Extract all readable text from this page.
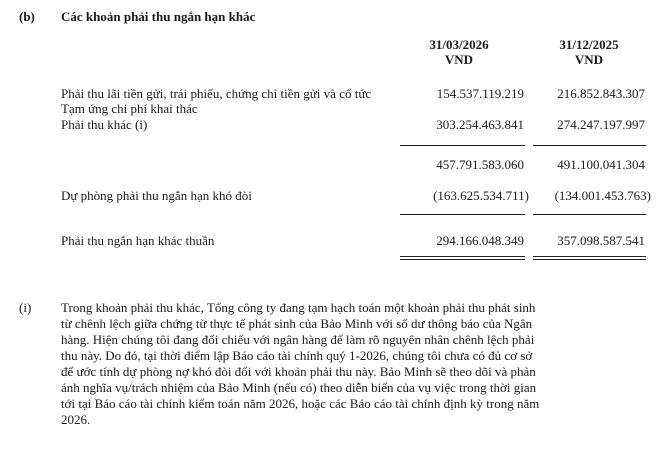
(b) Các khoản phải thu ngắn hạn khác
31/03/2026
VND
31/12/2025
VND
Phải thu lãi tiền gửi, trái phiếu, chứng chỉ tiền gửi và cổ tức	154.537.119.219	216.852.843.307
Tạm ứng chi phí khai thác
Phải thu khác (i)	303.254.463.841	274.247.197.997
457.791.583.060	491.100.041.304
Dự phòng phải thu ngắn hạn khó đòi	(163.625.534.711)	(134.001.453.763)
Phải thu ngắn hạn khác thuần	294.166.048.349	357.098.587.541
(i) Trong khoản phải thu khác, Tổng công ty đang tạm hạch toán một khoản phải thu phát sinh
từ chênh lệch giữa chứng từ thực tế phát sinh của Bảo Minh với số dư thông báo của Ngân
hàng. Hiện chúng tôi đang đối chiếu với ngân hàng để làm rõ nguyên nhân chênh lệch phải
thu này. Do đó, tại thời điểm lập Báo cáo tài chính quý 1-2026, chúng tôi chưa có đủ cơ sở
để ước tính dự phòng nợ khó đòi đối với khoản phải thu này. Bảo Minh sẽ theo dõi và phản
ánh nghĩa vụ/trách nhiệm của Bảo Minh (nếu có) theo diễn biến của vụ việc trong thời gian
tới tại Báo cáo tài chính kiểm toán năm 2026, hoặc các Báo cáo tài chính định kỳ trong năm
2026.
